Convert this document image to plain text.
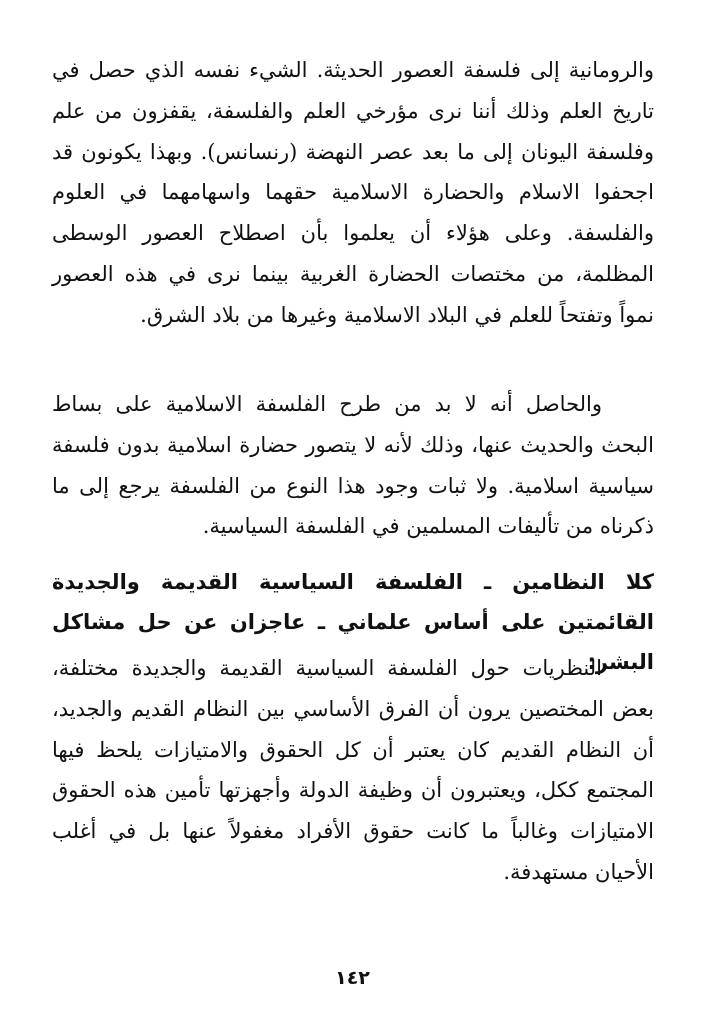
والرومانية إلى فلسفة العصور الحديثة. الشيء نفسه الذي حصل في تاريخ العلم وذلك أننا نرى مؤرخي العلم والفلسفة، يقفزون من علم وفلسفة اليونان إلى ما بعد عصر النهضة (رنسانس). وبهذا يكونون قد اجحفوا الاسلام والحضارة الاسلامية حقهما واسهامهما في العلوم والفلسفة. وعلى هؤلاء أن يعلموا بأن اصطلاح العصور الوسطى المظلمة، من مختصات الحضارة الغربية بينما نرى في هذه العصور نمواً وتفتحاً للعلم في البلاد الاسلامية وغيرها من بلاد الشرق.

والحاصل أنه لا بد من طرح الفلسفة الاسلامية على بساط البحث والحديث عنها، وذلك لأنه لا يتصور حضارة اسلامية بدون فلسفة سياسية اسلامية. ولا ثبات وجود هذا النوع من الفلسفة يرجع إلى ما ذكرناه من تأليفات المسلمين في الفلسفة السياسية.

كلا النظامين ـ الفلسفة السياسية القديمة والجديدة القائمتين على أساس علماني ـ عاجزان عن حل مشاكل البشر:

النظريات حول الفلسفة السياسية القديمة والجديدة مختلفة، بعض المختصين يرون أن الفرق الأساسي بين النظام القديم والجديد، أن النظام القديم كان يعتبر أن كل الحقوق والامتيازات يلحظ فيها المجتمع ككل، ويعتبرون أن وظيفة الدولة وأجهزتها تأمين هذه الحقوق الامتيازات وغالباً ما كانت حقوق الأفراد مغفولاً عنها بل في أغلب الأحيان مستهدفة.

١٤٢
